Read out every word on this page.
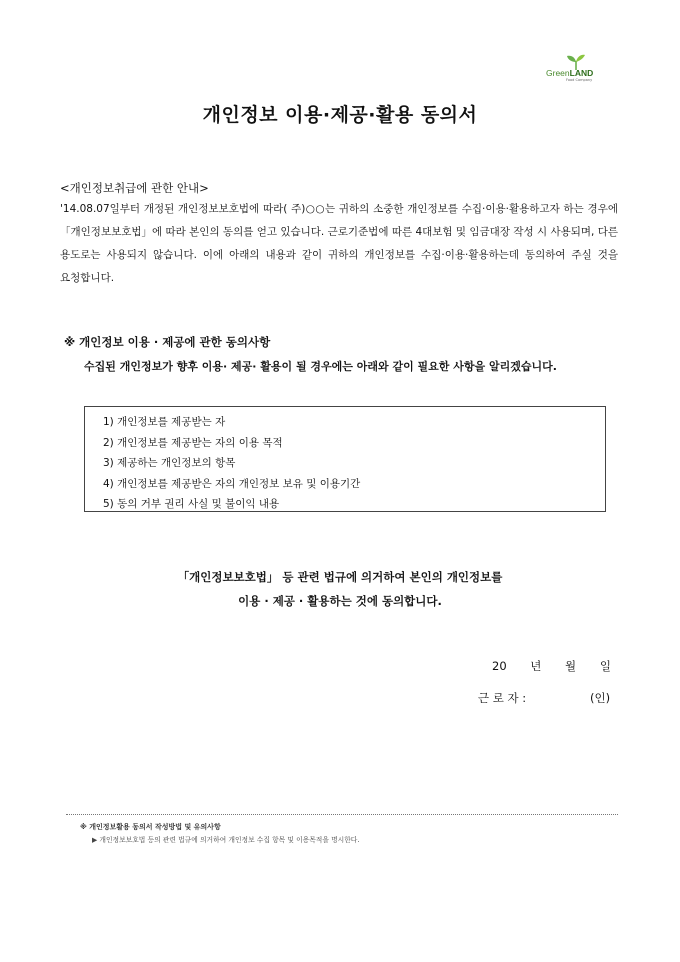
GreenLAND
Food Company
개인정보 이용·제공·활용 동의서
<개인정보취급에 관한 안내>
'14.08.07일부터 개정된 개인정보보호법에 따라( 주)○○는 귀하의 소중한 개인정보를 수집·이용·활용하고자 하는 경우에 「개인정보보호법」에 따라 본인의 동의를 얻고 있습니다. 근로기준법에 따른 4대보험 및 임금대장 작성 시 사용되며, 다른 용도로는 사용되지 않습니다. 이에 아래의 내용과 같이 귀하의 개인정보를 수집·이용·활용하는데 동의하여 주실 것을 요청합니다.
※ 개인정보 이용 · 제공에 관한 동의사항
수집된 개인정보가 향후 이용· 제공· 활용이 될 경우에는 아래와 같이 필요한 사항을 알리겠습니다.
1) 개인정보를 제공받는 자
2) 개인정보를 제공받는 자의 이용 목적
3) 제공하는 개인정보의 항목
4) 개인정보를 제공받은 자의 개인정보 보유 및 이용기간
5) 동의 거부 권리 사실 및 불이익 내용
「개인정보보호법」 등 관련 법규에 의거하여 본인의 개인정보를
이용 · 제공 · 활용하는 것에 동의합니다.
20 년 월 일
근 로 자 :	(인)
※ 개인정보활용 동의서 작성방법 및 유의사항
▶ 개인정보보호법 등의 관련 법규에 의거하여 개인정보 수집 항목 및 이용목적을 명시한다.
